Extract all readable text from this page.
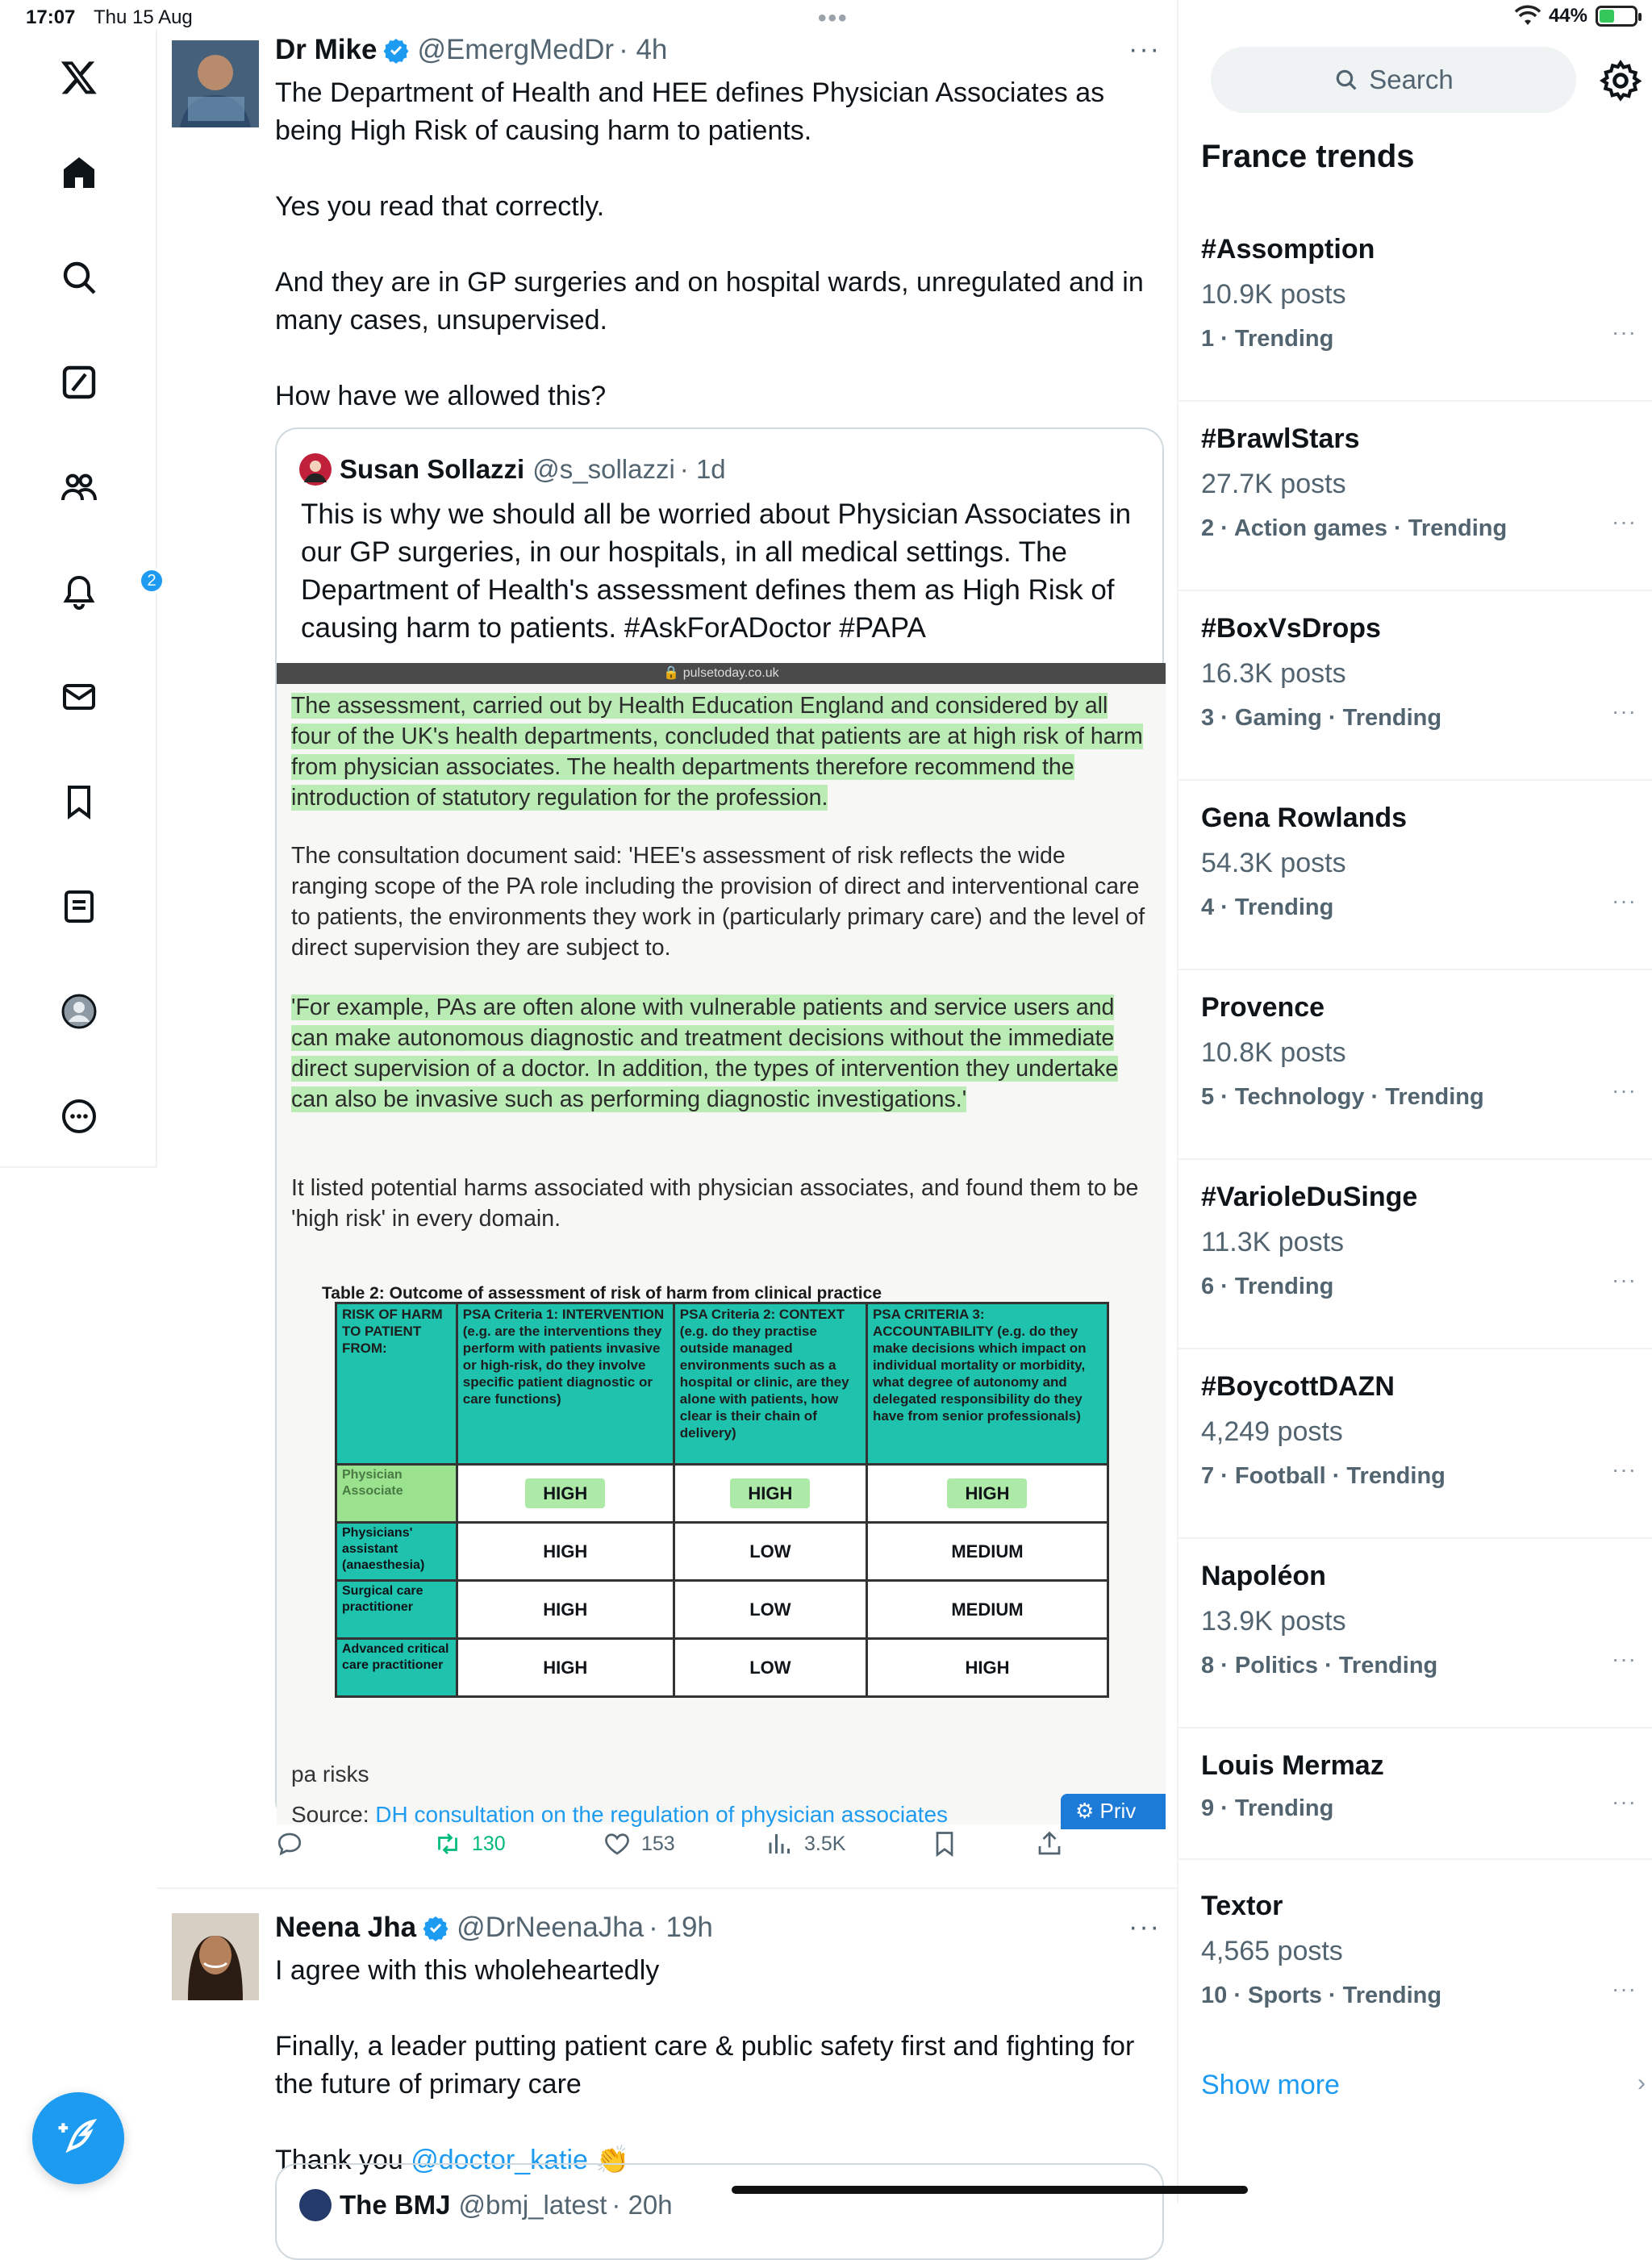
17:07 Thu 15 Aug	•••	44%
2
Dr Mike @EmergMedDr · 4h	···

The Department of Health and HEE defines Physician Associates as being High Risk of causing harm to patients.

Yes you read that correctly.

And they are in GP surgeries and on hospital wards, unregulated and in many cases, unsupervised.

How have we allowed this?

Susan Sollazzi @s_sollazzi · 1d
This is why we should all be worried about Physician Associates in our GP surgeries, in our hospitals, in all medical settings. The Department of Health's assessment defines them as High Risk of causing harm to patients. #AskForADoctor #PAPA
🔒 pulsetoday.co.uk
The assessment, carried out by Health Education England and considered by all four of the UK's health departments, concluded that patients are at high risk of harm from physician associates. The health departments therefore recommend the introduction of statutory regulation for the profession.
The consultation document said: 'HEE's assessment of risk reflects the wide ranging scope of the PA role including the provision of direct and interventional care to patients, the environments they work in (particularly primary care) and the level of direct supervision they are subject to.
'For example, PAs are often alone with vulnerable patients and service users and can make autonomous diagnostic and treatment decisions without the immediate direct supervision of a doctor. In addition, the types of intervention they undertake can also be invasive such as performing diagnostic investigations.'
It listed potential harms associated with physician associates, and found them to be 'high risk' in every domain.
Table 2: Outcome of assessment of risk of harm from clinical practice
RISK OF HARM TO PATIENT FROM:	PSA Criteria 1: INTERVENTION (e.g. are the interventions they perform with patients invasive or high-risk, do they involve specific patient diagnostic or care functions)	PSA Criteria 2: CONTEXT (e.g. do they practise outside managed environments such as a hospital or clinic, are they alone with patients, how clear is their chain of delivery)	PSA CRITERIA 3: ACCOUNTABILITY (e.g. do they make decisions which impact on individual mortality or morbidity, what degree of autonomy and delegated responsibility do they have from senior professionals)
Physician Associate	HIGH	HIGH	HIGH
Physicians' assistant (anaesthesia)	HIGH	LOW	MEDIUM
Surgical care practitioner	HIGH	LOW	MEDIUM
Advanced critical care practitioner	HIGH	LOW	HIGH
pa risks
Source: DH consultation on the regulation of physician associates	⚙ Priv
130	153	3.5K
Neena Jha @DrNeenaJha · 19h	···

I agree with this wholeheartedly

Finally, a leader putting patient care & public safety first and fighting for the future of primary care

Thank you @doctor_katie 👏

The BMJ @bmj_latest · 20h
Search
France trends
#Assomption
10.9K posts
1 · Trending	···
#BrawlStars
27.7K posts
2 · Action games · Trending	···
#BoxVsDrops
16.3K posts
3 · Gaming · Trending	···
Gena Rowlands
54.3K posts
4 · Trending	···
Provence
10.8K posts
5 · Technology · Trending	···
#VarioleDuSinge
11.3K posts
6 · Trending	···
#BoycottDAZN
4,249 posts
7 · Football · Trending	···
Napoléon
13.9K posts
8 · Politics · Trending	···
Louis Mermaz
9 · Trending	···
Textor
4,565 posts
10 · Sports · Trending	···
Show more	›
